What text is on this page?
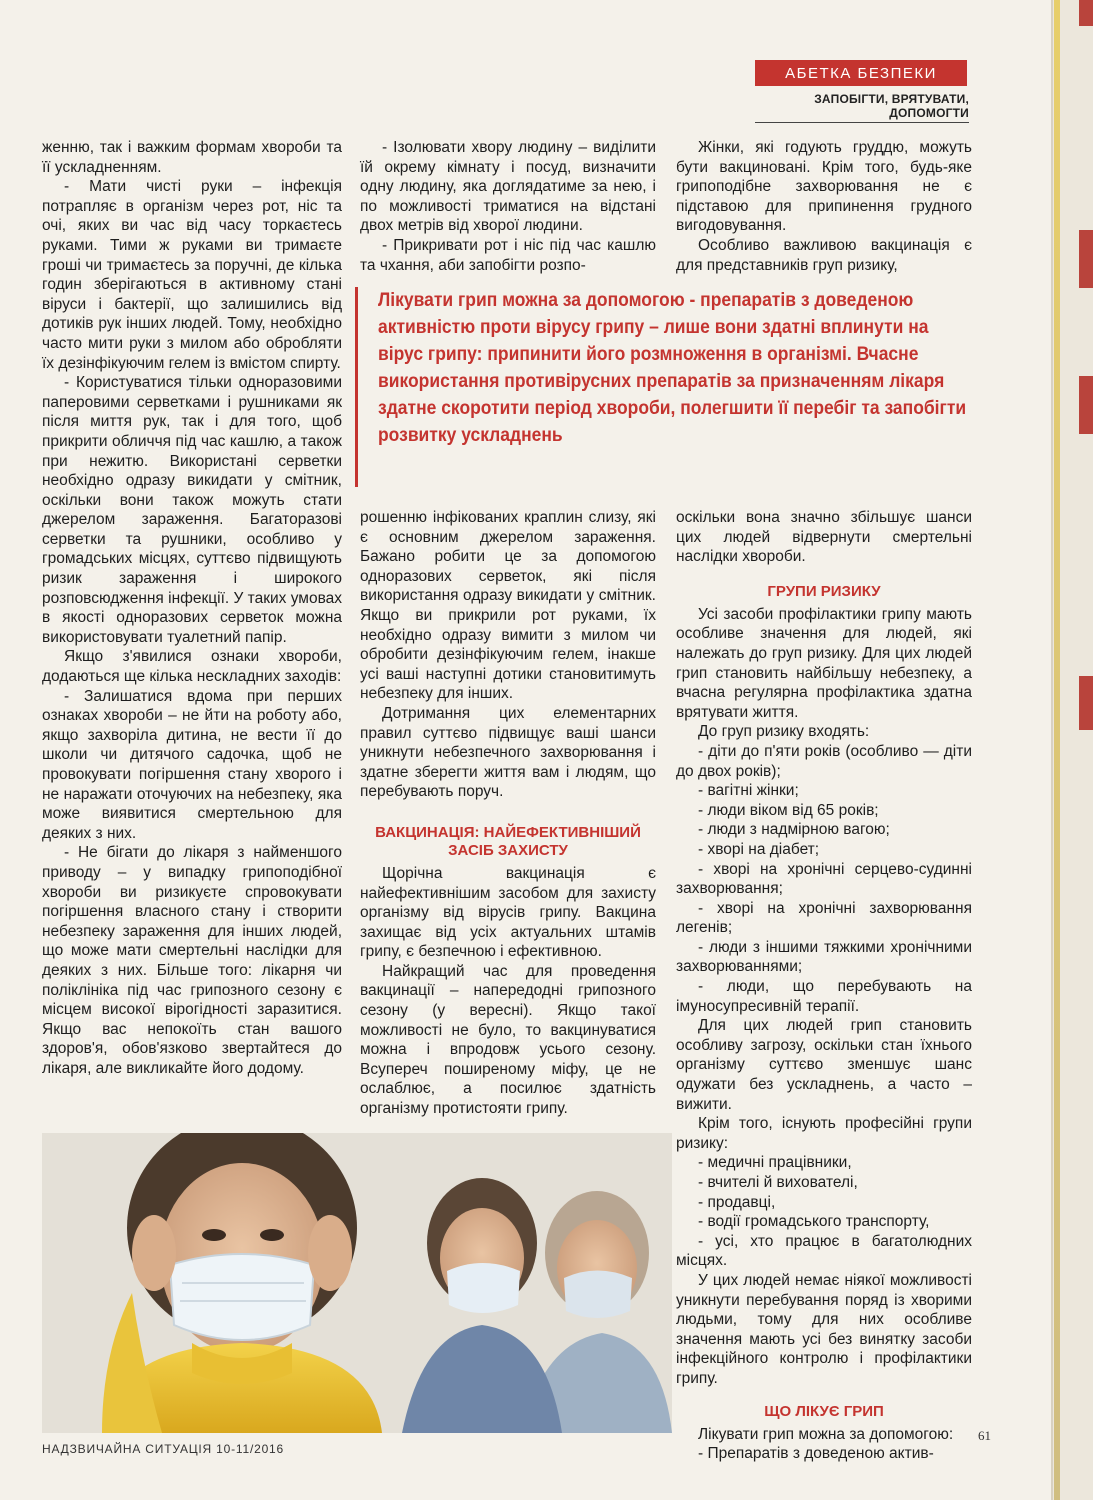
АБЕТКА БЕЗПЕКИ
ЗАПОБІГТИ, ВРЯТУВАТИ, ДОПОМОГТИ

женню, так і важким формам хвороби та її ускладненням.

- Мати чисті руки – інфекція потрапляє в організм через рот, ніс та очі, яких ви час від часу торкаєтесь руками. Тими ж руками ви тримаєте гроші чи тримаєтесь за поручні, де кілька годин зберігаються в активному стані віруси і бактерії, що залишились від дотиків рук інших людей. Тому, необхідно часто мити руки з милом або обробляти їх дезінфікуючим гелем із вмістом спирту.

- Користуватися тільки одноразовими паперовими серветками і рушниками як після миття рук, так і для того, щоб прикрити обличчя під час кашлю, а також при нежитю. Використані серветки необхідно одразу викидати у смітник, оскільки вони також можуть стати джерелом зараження. Багаторазові серветки та рушники, особливо у громадських місцях, суттєво підвищують ризик зараження і широкого розповсюдження інфекції. У таких умовах в якості одноразових серветок можна використовувати туалетний папір.

Якщо з'явилися ознаки хвороби, додаються ще кілька нескладних заходів:

- Залишатися вдома при перших ознаках хвороби – не йти на роботу або, якщо захворіла дитина, не вести її до школи чи дитячого садочка, щоб не провокувати погіршення стану хворого і не наражати оточуючих на небезпеку, яка може виявитися смертельною для деяких з них.

- Не бігати до лікаря з найменшого приводу – у випадку грипоподібної хвороби ви ризикуєте спровокувати погіршення власного стану і створити небезпеку зараження для інших людей, що може мати смертельні наслідки для деяких з них. Більше того: лікарня чи поліклініка під час грипозного сезону є місцем високої вірогідності заразитися. Якщо вас непокоїть стан вашого здоров'я, обов'язково звертайтеся до лікаря, але викликайте його додому.

- Ізолювати хвору людину – виділити їй окрему кімнату і посуд, визначити одну людину, яка доглядатиме за нею, і по можливості триматися на відстані двох метрів від хворої людини.

- Прикривати рот і ніс під час кашлю та чхання, аби запобігти розпо-

Жінки, які годують груддю, можуть бути вакциновані. Крім того, будь-яке грипоподібне захворювання не є підставою для припинення грудного вигодовування.

Особливо важливою вакцинація є для представників груп ризику,

Лікувати грип можна за допомогою - препаратів з доведеною активністю проти вірусу грипу – лише вони здатні вплинути на вірус грипу: припинити його розмноження в організмі. Вчасне використання противірусних препаратів за призначенням лікаря здатне скоротити період хвороби, полегшити її перебіг та запобігти розвитку ускладнень

рошенню інфікованих краплин слизу, які є основним джерелом зараження. Бажано робити це за допомогою одноразових серветок, які після використання одразу викидати у смітник. Якщо ви прикрили рот руками, їх необхідно одразу вимити з милом чи обробити дезінфікуючим гелем, інакше усі ваші наступні дотики становитимуть небезпеку для інших.

Дотримання цих елементарних правил суттєво підвищує ваші шанси уникнути небезпечного захворювання і здатне зберегти життя вам і людям, що перебувають поруч.

ВАКЦИНАЦІЯ: НАЙЕФЕКТИВНІШИЙ ЗАСІБ ЗАХИСТУ

Щорічна вакцинація є найефективнішим засобом для захисту організму від вірусів грипу. Вакцина захищає від усіх актуальних штамів грипу, є безпечною і ефективною.

Найкращий час для проведення вакцинації – напередодні грипозного сезону (у вересні). Якщо такої можливості не було, то вакцинуватися можна і впродовж усього сезону. Всупереч поширеному міфу, це не ослаблює, а посилює здатність організму протистояти грипу.

оскільки вона значно збільшує шанси цих людей відвернути смертельні наслідки хвороби.

ГРУПИ РИЗИКУ

Усі засоби профілактики грипу мають особливе значення для людей, які належать до груп ризику. Для цих людей грип становить найбільшу небезпеку, а вчасна регулярна профілактика здатна врятувати життя.

До груп ризику входять:

- діти до п'яти років (особливо — діти до двох років);

- вагітні жінки;

- люди віком від 65 років;

- люди з надмірною вагою;

- хворі на діабет;

- хворі на хронічні серцево-судинні захворювання;

- хворі на хронічні захворювання легенів;

- люди з іншими тяжкими хронічними захворюваннями;

- люди, що перебувають на імуносупресивній терапії.

Для цих людей грип становить особливу загрозу, оскільки стан їхнього організму суттєво зменшує шанс одужати без ускладнень, а часто – вижити.

Крім того, існують професійні групи ризику:

- медичні працівники,

- вчителі й вихователі,

- продавці,

- водії громадського транспорту,

- усі, хто працює в багатолюдних місцях.

У цих людей немає ніякої можливості уникнути перебування поряд із хворими людьми, тому для них особливе значення мають усі без винятку засоби інфекційного контролю і профілактики грипу.

ЩО ЛІКУЄ ГРИП

Лікувати грип можна за допомогою:

- Препаратів з доведеною актив-

НАДЗВИЧАЙНА СИТУАЦІЯ 10-11/2016
61
